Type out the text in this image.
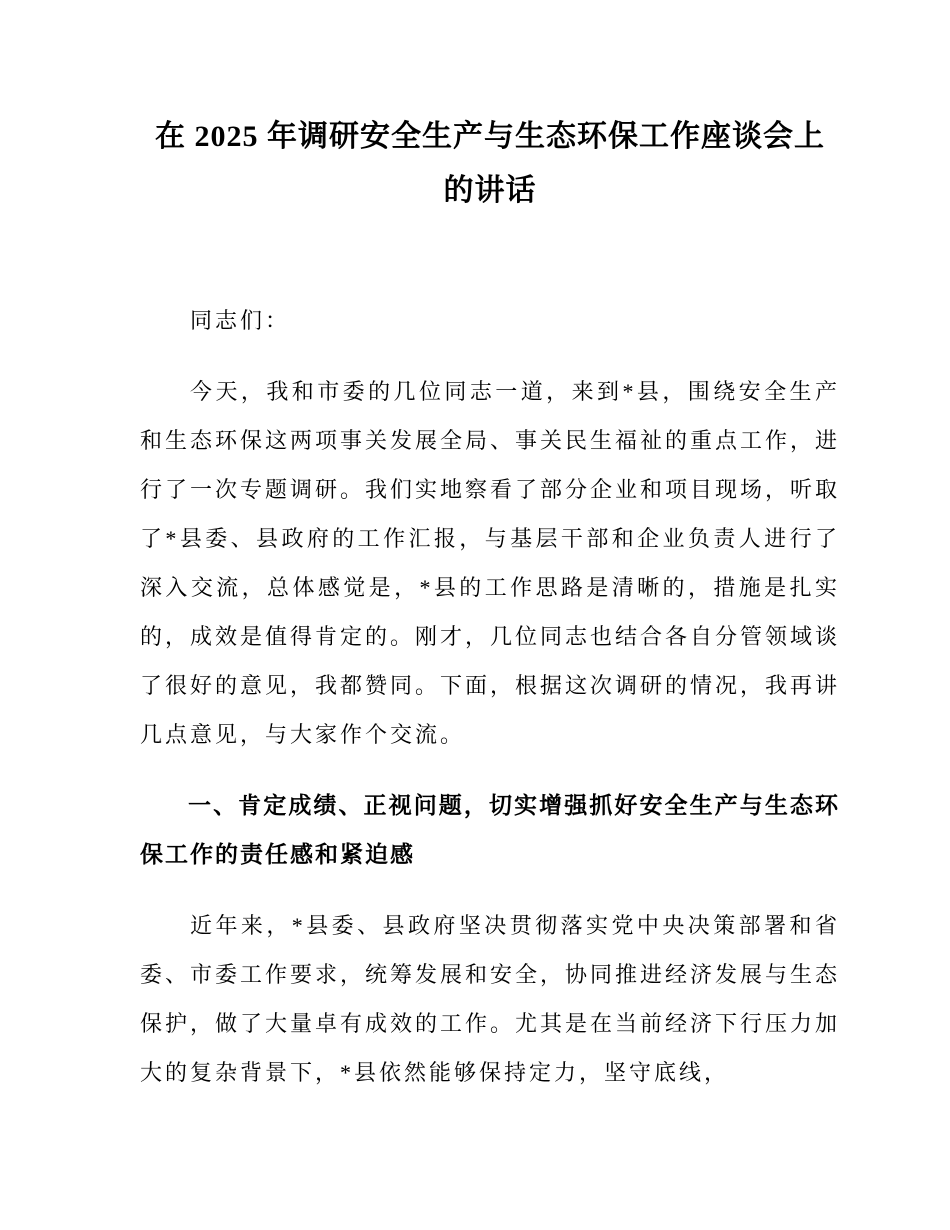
在 2025 年调研安全生产与生态环保工作座谈会上的讲话

同志们：

今天，我和市委的几位同志一道，来到*县，围绕安全生产和生态环保这两项事关发展全局、事关民生福祉的重点工作，进行了一次专题调研。我们实地察看了部分企业和项目现场，听取了*县委、县政府的工作汇报，与基层干部和企业负责人进行了深入交流，总体感觉是，*县的工作思路是清晰的，措施是扎实的，成效是值得肯定的。刚才，几位同志也结合各自分管领域谈了很好的意见，我都赞同。下面，根据这次调研的情况，我再讲几点意见，与大家作个交流。

一、肯定成绩、正视问题，切实增强抓好安全生产与生态环保工作的责任感和紧迫感

近年来，*县委、县政府坚决贯彻落实党中央决策部署和省委、市委工作要求，统筹发展和安全，协同推进经济发展与生态保护，做了大量卓有成效的工作。尤其是在当前经济下行压力加大的复杂背景下，*县依然能够保持定力，坚守底线，
